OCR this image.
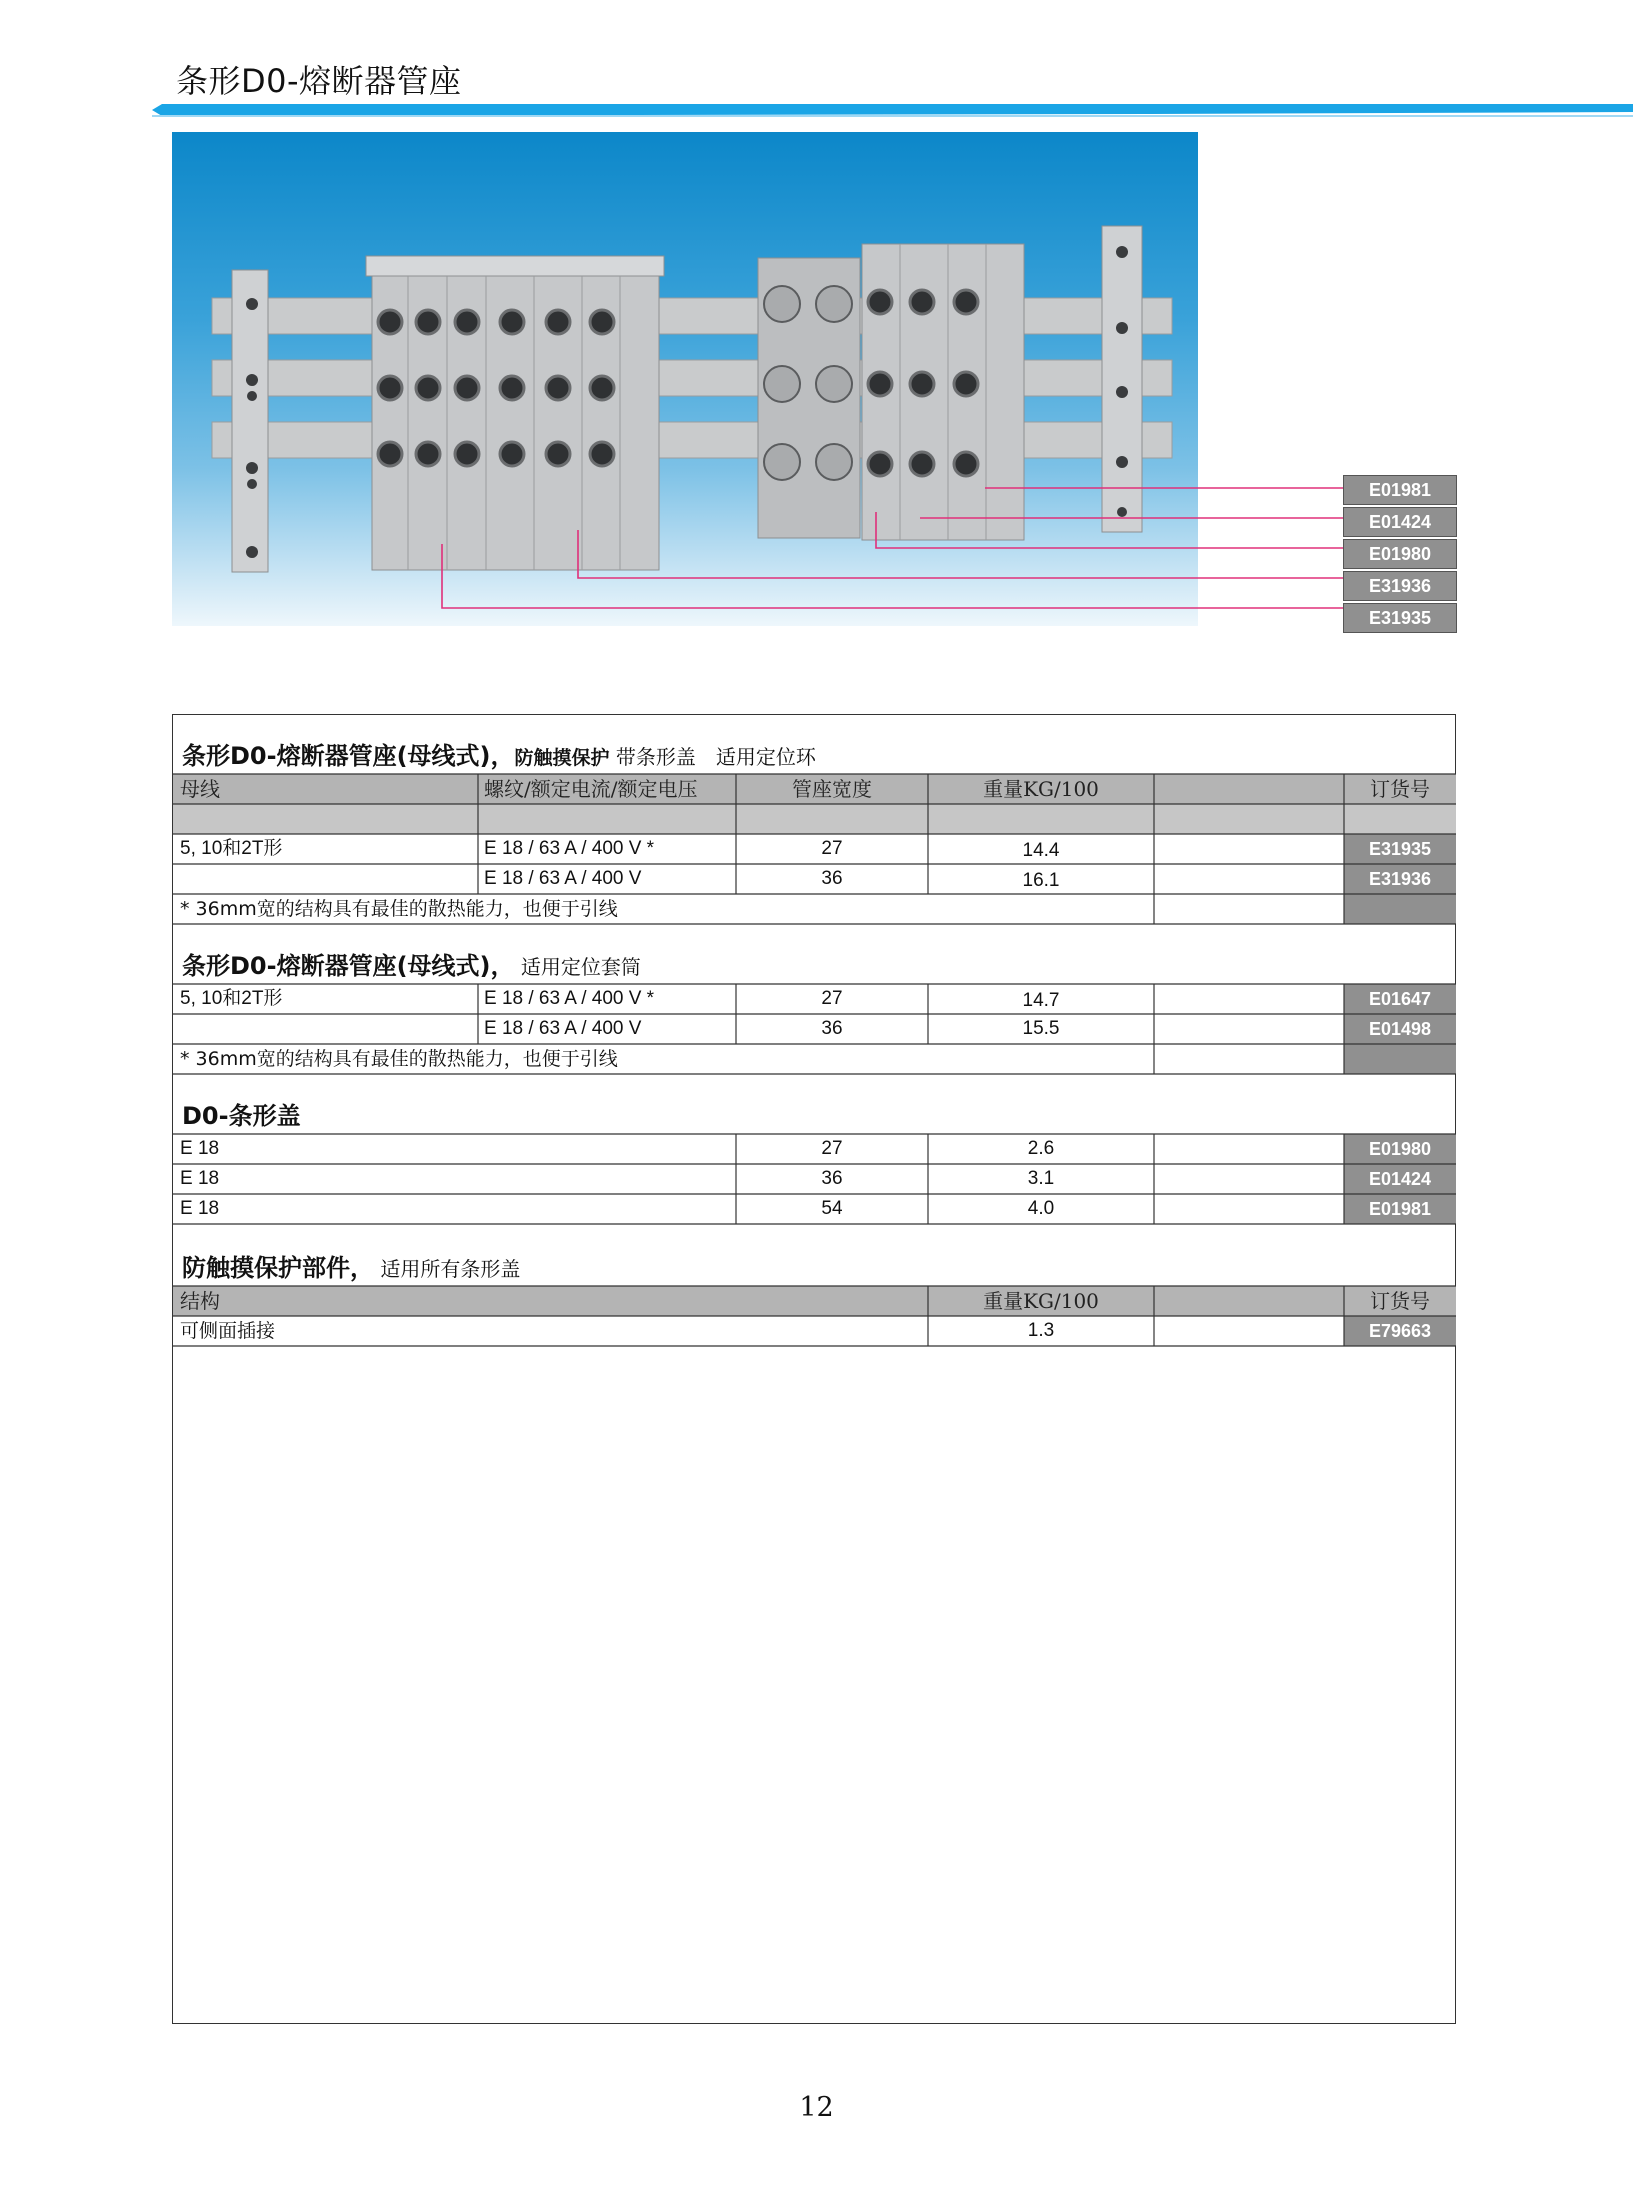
条形D0-熔断器管座
E01981
E01424
E01980
E31936
E31935
条形D0-熔断器管座(母线式)，防触摸保护 带条形盖　适用定位环
母线	螺纹/额定电流/额定电压	管座宽度	重量KG/100	订货号
5, 10和2T形	E 18 / 63 A / 400 V *	27	14.4	E31935
E 18 / 63 A / 400 V	36	16.1	E31936
* 36mm宽的结构具有最佳的散热能力，也便于引线
条形D0-熔断器管座(母线式)， 适用定位套筒
5, 10和2T形	E 18 / 63 A / 400 V *	27	14.7	E01647
E 18 / 63 A / 400 V	36	15.5	E01498
* 36mm宽的结构具有最佳的散热能力，也便于引线
D0-条形盖
E 18	27	2.6	E01980
E 18	36	3.1	E01424
E 18	54	4.0	E01981
防触摸保护部件， 适用所有条形盖
结构	重量KG/100	订货号
可侧面插接	1.3	E79663
12
